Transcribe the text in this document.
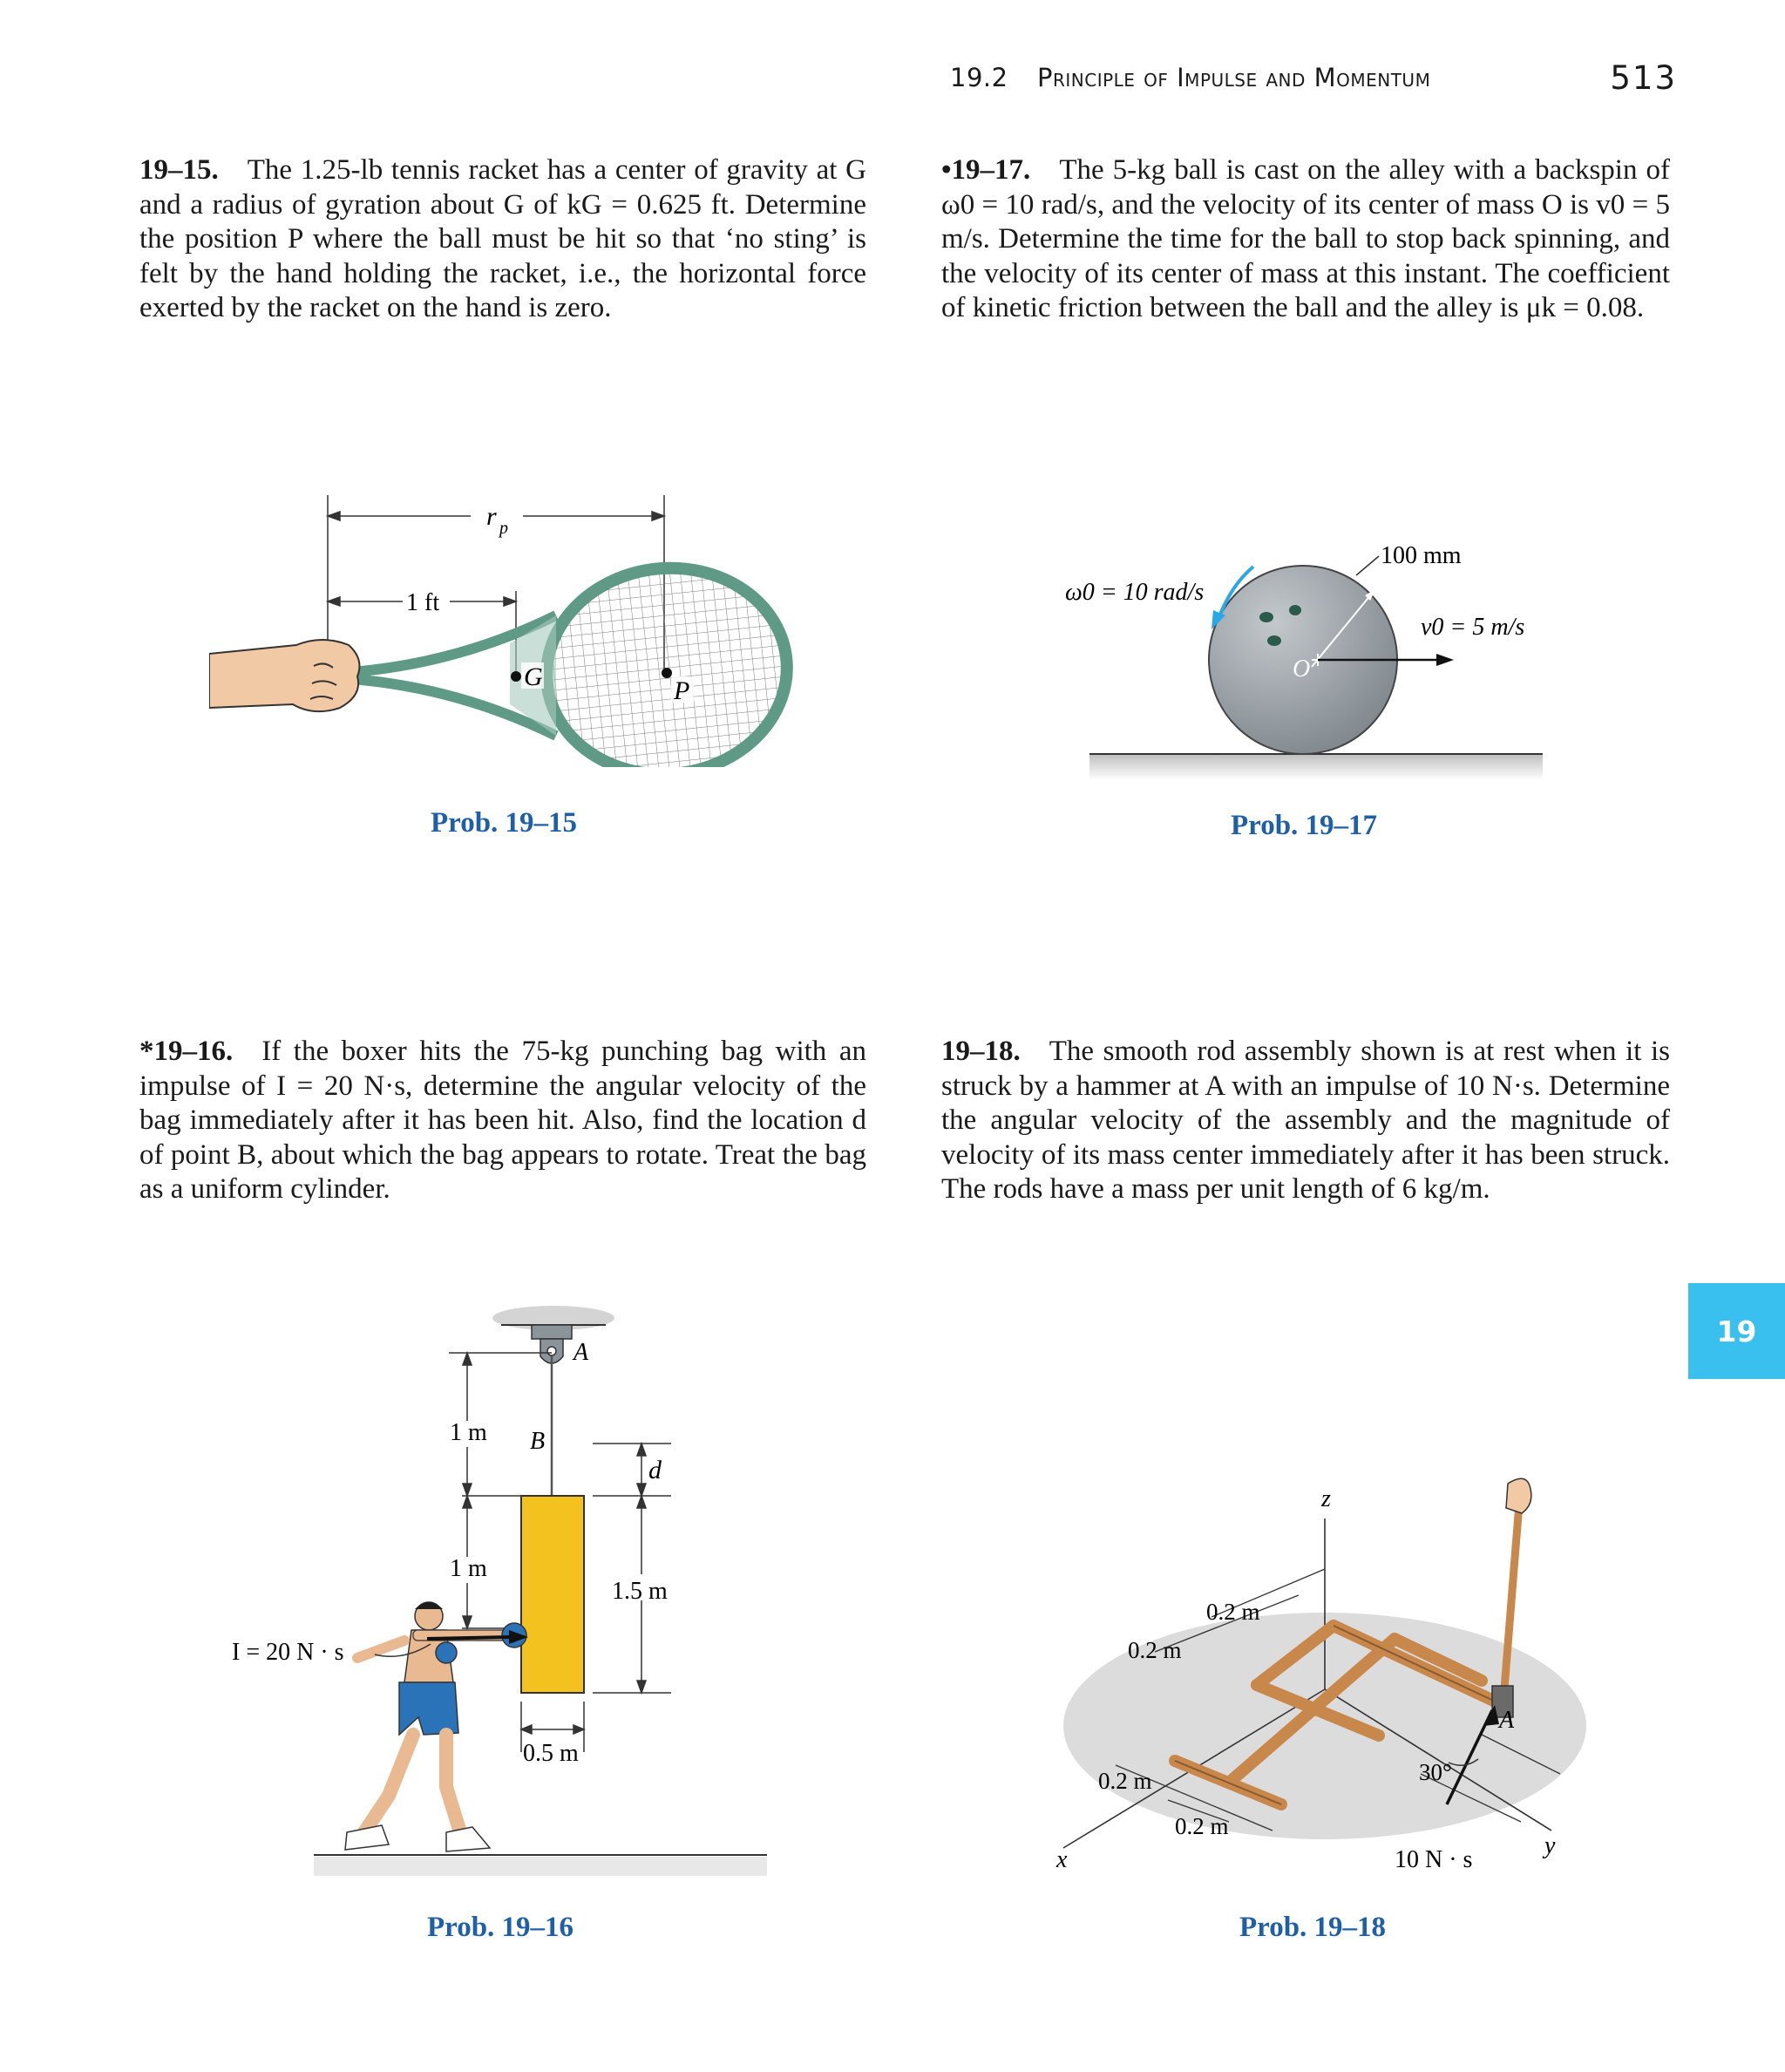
19.2 Principle of Impulse and Momentum	513

19–15.  The 1.25-lb tennis racket has a center of gravity at G and a radius of gyration about G of kG = 0.625 ft. Determine the position P where the ball must be hit so that ‘no sting’ is felt by the hand holding the racket, i.e., the horizontal force exerted by the racket on the hand is zero.

•19–17.  The 5-kg ball is cast on the alley with a backspin of ω0 = 10 rad/s, and the velocity of its center of mass O is v0 = 5 m/s. Determine the time for the ball to stop back spinning, and the velocity of its center of mass at this instant. The coefficient of kinetic friction between the ball and the alley is μk = 0.08.

*19–16.  If the boxer hits the 75-kg punching bag with an impulse of I = 20 N·s, determine the angular velocity of the bag immediately after it has been hit. Also, find the location d of point B, about which the bag appears to rotate. Treat the bag as a uniform cylinder.

19–18.  The smooth rod assembly shown is at rest when it is struck by a hammer at A with an impulse of 10 N·s. Determine the angular velocity of the assembly and the magnitude of velocity of its mass center immediately after it has been struck. The rods have a mass per unit length of 6 kg/m.

19
r p
1 ft
G	P
Prob. 19–15
100 mm
O
v0 = 5 m/s
ω0 = 10 rad/s
Prob. 19–17
A
B
1 m
1 m
d
1.5 m
0.5 m
I = 20 N · s
Prob. 19–16
z
x
y
0.2 m
0.2 m
0.2 m
0.2 m
A
30°
10 N · s
Prob. 19–18
